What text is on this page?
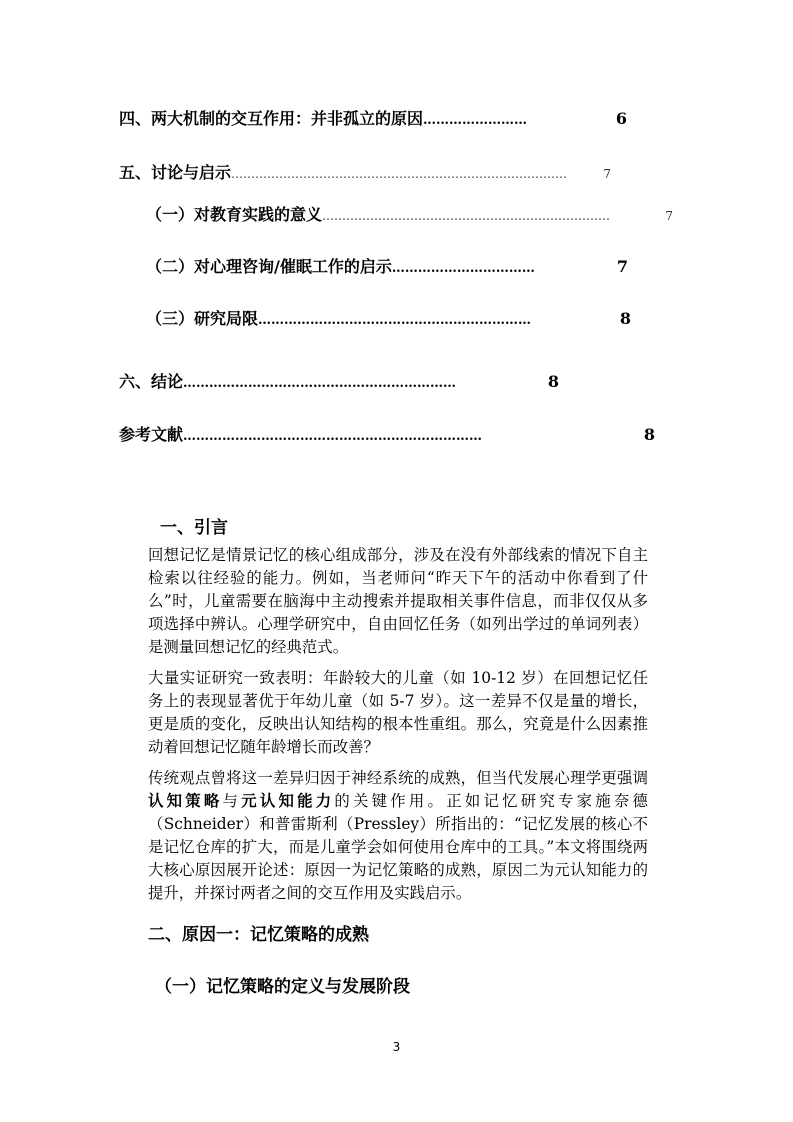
四、两大机制的交互作用：并非孤立的原因 ……………………	6
五、讨论与启示 …………………………………………………………………………	7
（一）对教育实践的意义 ………………………………………………………………	7
（二）对心理咨询/催眠工作的启示 ……………………………	7
（三）研究局限 ………………………………………………………	8
六、结论 ………………………………………………………	8
参考文献 ……………………………………………………………	8
一、引言

回想记忆是情景记忆的核心组成部分，涉及在没有外部线索的情况下自主检索以往经验的能力。例如，当老师问“昨天下午的活动中你看到了什么”时，儿童需要在脑海中主动搜索并提取相关事件信息，而非仅仅从多项选择中辨认。心理学研究中，自由回忆任务（如列出学过的单词列表）是测量回想记忆的经典范式。

大量实证研究一致表明：年龄较大的儿童（如 10-12 岁）在回想记忆任务上的表现显著优于年幼儿童（如 5-7 岁）。这一差异不仅是量的增长，更是质的变化，反映出认知结构的根本性重组。那么，究竟是什么因素推动着回想记忆随年龄增长而改善？

传统观点曾将这一差异归因于神经系统的成熟，但当代发展心理学更强调认知策略与元认知能力的关键作用。正如记忆研究专家施奈德（Schneider）和普雷斯利（Pressley）所指出的：“记忆发展的核心不是记忆仓库的扩大，而是儿童学会如何使用仓库中的工具。”本文将围绕两大核心原因展开论述：原因一为记忆策略的成熟，原因二为元认知能力的提升，并探讨两者之间的交互作用及实践启示。

二、原因一：记忆策略的成熟
（一）记忆策略的定义与发展阶段
3
